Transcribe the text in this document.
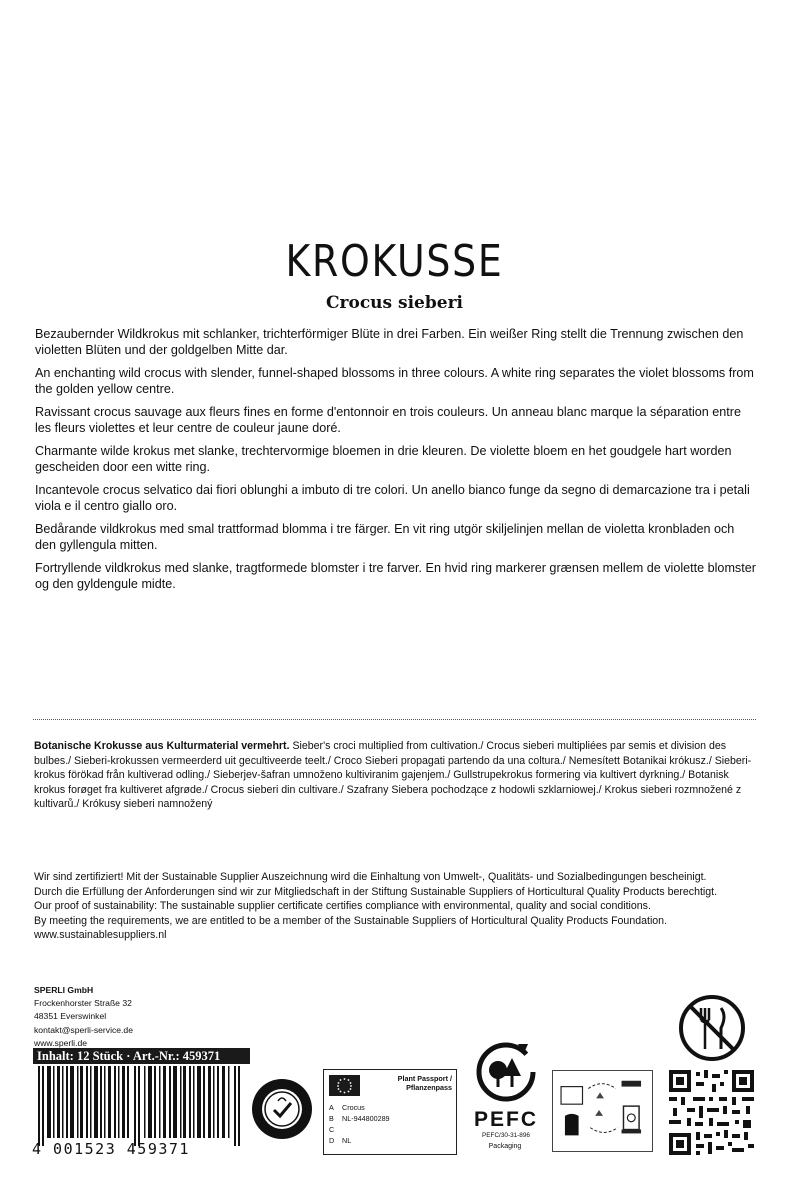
KROKUSSE
Crocus sieberi

Bezaubernder Wildkrokus mit schlanker, trichterförmiger Blüte in drei Farben. Ein weißer Ring stellt die Trennung zwischen den violetten Blüten und der goldgelben Mitte dar.

An enchanting wild crocus with slender, funnel-shaped blossoms in three colours. A white ring separates the violet blossoms from the golden yellow centre.

Ravissant crocus sauvage aux fleurs fines en forme d'entonnoir en trois couleurs. Un anneau blanc marque la séparation entre les fleurs violettes et leur centre de couleur jaune doré.

Charmante wilde krokus met slanke, trechtervormige bloemen in drie kleuren. De violette bloem en het goudgele hart worden gescheiden door een witte ring.

Incantevole crocus selvatico dai fiori oblunghi a imbuto di tre colori. Un anello bianco funge da segno di demarcazione tra i petali viola e il centro giallo oro.

Bedårande vildkrokus med smal trattformad blomma i tre färger. En vit ring utgör skiljelinjen mellan de violetta kronbladen och den gyllengula mitten.

Fortryllende vildkrokus med slanke, tragtformede blomster i tre farver. En hvid ring markerer grænsen mellem de violette blomster og den gyldengule midte.

Botanische Krokusse aus Kulturmaterial vermehrt. Sieber's croci multiplied from cultivation./ Crocus sieberi multipliées par semis et division des bulbes./ Sieberi-krokussen vermeerderd uit gecultiveerde teelt./ Croco Sieberi propagati partendo da una coltura./ Nemesített Botanikai krókusz./ Sieberi-krokus förökad från kultiverad odling./ Sieberjev-šafran umnoženo kultiviranim gajenjem./ Gullstrupekrokus formering via kultivert dyrkning./ Botanisk krokus forøget fra kultiveret afgrøde./ Crocus sieberi din cultivare./ Szafrany Siebera pochodzące z hodowli szklarniowej./ Krokus sieberi rozmnožené z kultivarů./ Krókusy sieberi namnožený
Wir sind zertifiziert! Mit der Sustainable Supplier Auszeichnung wird die Einhaltung von Umwelt-, Qualitäts- und Sozialbedingungen bescheinigt.
Durch die Erfüllung der Anforderungen sind wir zur Mitgliedschaft in der Stiftung Sustainable Suppliers of Horticultural Quality Products berechtigt.
Our proof of sustainability: The sustainable supplier certificate certifies compliance with environmental, quality and social conditions.
By meeting the requirements, we are entitled to be a member of the Sustainable Suppliers of Horticultural Quality Products Foundation.
www.sustainablesuppliers.nl
SPERLI GmbH
Frockenhorster Straße 32
48351 Everswinkel
kontakt@sperli-service.de
www.sperli.de
Inhalt: 12 Stück · Art.-Nr.: 459371
4 001523 459371
Plant Passport / Pflanzenpass
A	Crocus
B	NL-944800289
C
D	NL
PEFC
PEFC/30-31-896
Packaging
